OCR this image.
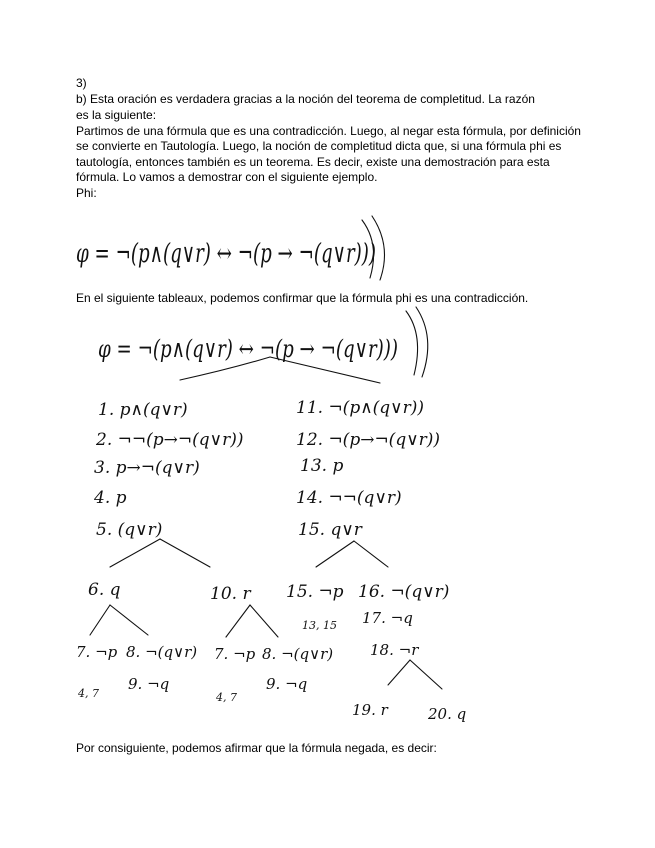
3)

b) Esta oración es verdadera gracias a la noción del teorema de completitud. La razón es la siguiente:

Partimos de una fórmula que es una contradicción. Luego, al negar esta fórmula, por definición se convierte en Tautología. Luego, la noción de completitud dicta que, si una fórmula phi es tautología, entonces también es un teorema. Es decir, existe una demostración para esta fórmula. Lo vamos a demostrar con el siguiente ejemplo.

Phi:

φ = ¬(p∧(q∨r) ↔ ¬(p → ¬(q∨r)))

En el siguiente tableaux, podemos confirmar que la fórmula phi es una contradicción.

φ = ¬(p∧(q∨r) ↔ ¬(p → ¬(q∨r)))
1. p∧(q∨r)
2. ¬¬(p→¬(q∨r))
3. p→¬(q∨r)
4. p
5. (q∨r)
11. ¬(p∧(q∨r))
12. ¬(p→¬(q∨r))
13. p
14. ¬¬(q∨r)
15. q∨r
6. q	10. r 15. ¬p 16. ¬(q∨r)
7. ¬p 8. ¬(q∨r)
9. ¬q
7. ¬p 8. ¬(q∨r)
9. ¬q
17. ¬q
18. ¬r
19. r	20. q
4, 7	4, 7
13, 15

Por consiguiente, podemos afirmar que la fórmula negada, es decir:
